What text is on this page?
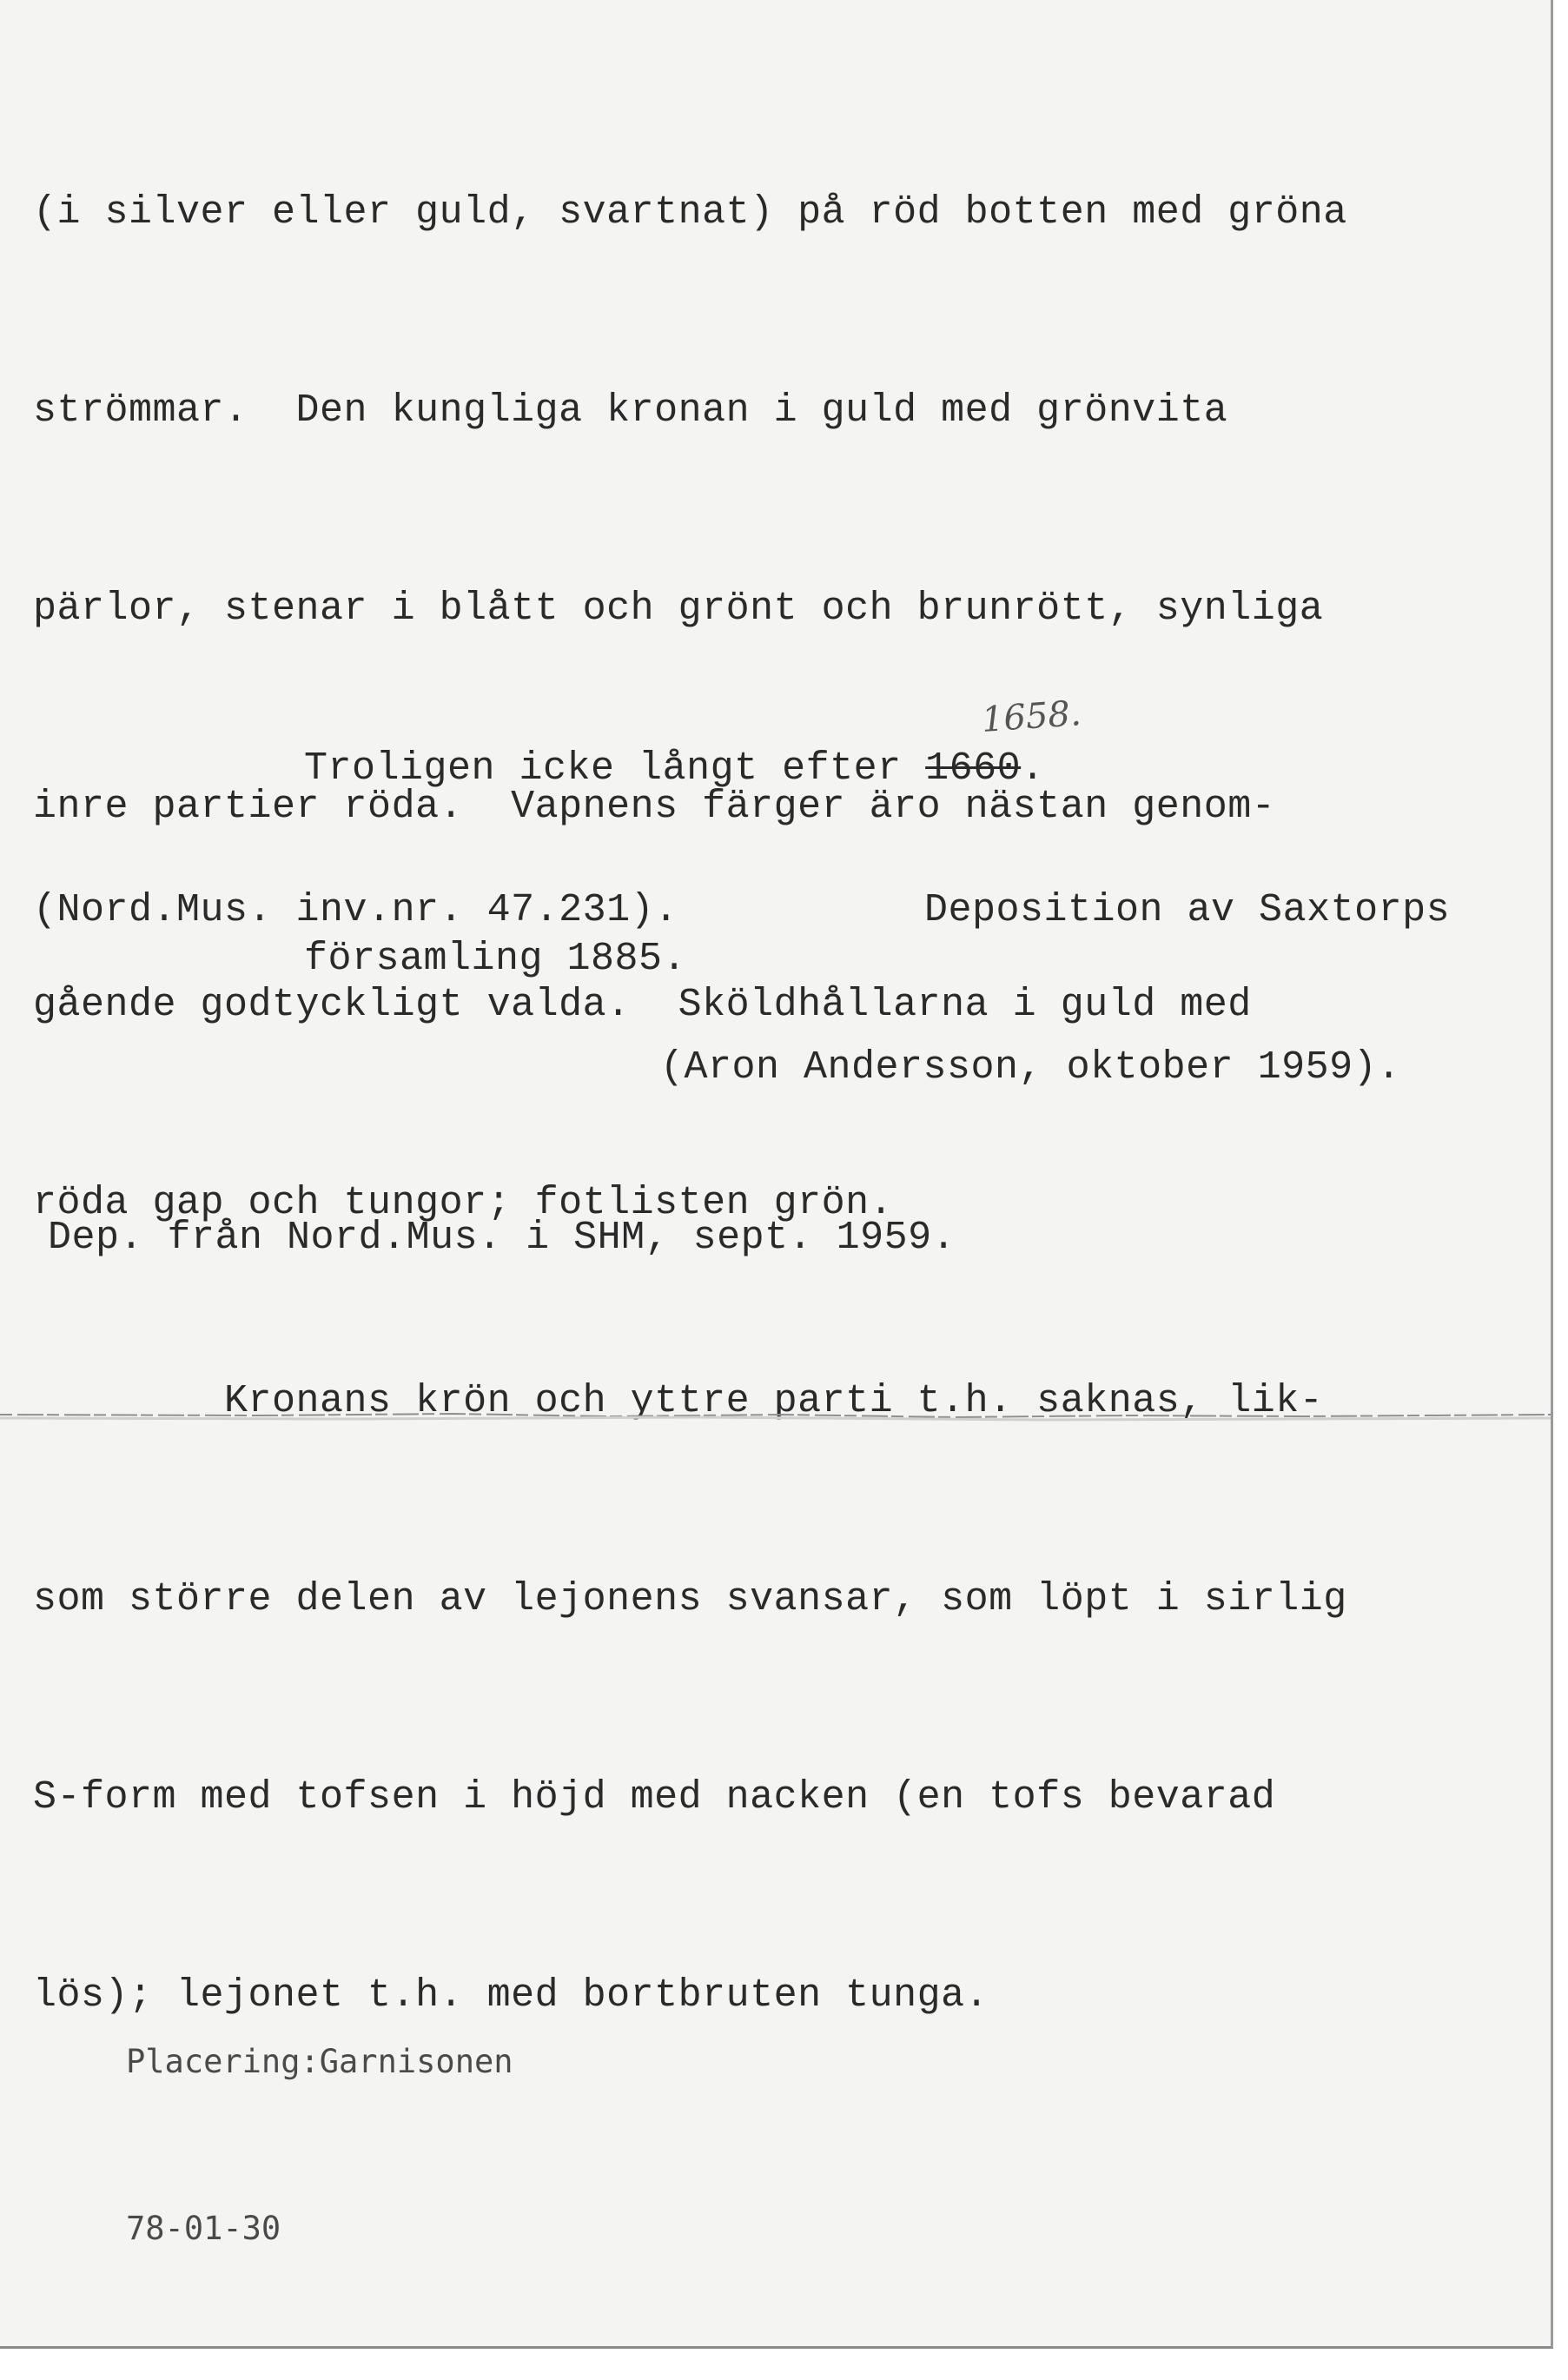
(i silver eller guld, svartnat) på röd botten med gröna

strömmar.  Den kungliga kronan i guld med grönvita

pärlor, stenar i blått och grönt och brunrött, synliga

inre partier röda.  Vapnens färger äro nästan genom-

gående godtyckligt valda.  Sköldhållarna i guld med

röda gap och tungor; fotlisten grön.

Kronans krön och yttre parti t.h. saknas, lik-

som större delen av lejonens svansar, som löpt i sirlig

S-form med tofsen i höjd med nacken (en tofs bevarad

lös); lejonet t.h. med bortbruten tunga.

1658.
Troligen icke långt efter 1660.
(Nord.Mus. inv.nr. 47.231).	Deposition av Saxtorps
församling 1885.
(Aron Andersson, oktober 1959).
Dep. från Nord.Mus. i SHM, sept. 1959.

Placering:Garnisonen

78-01-30
